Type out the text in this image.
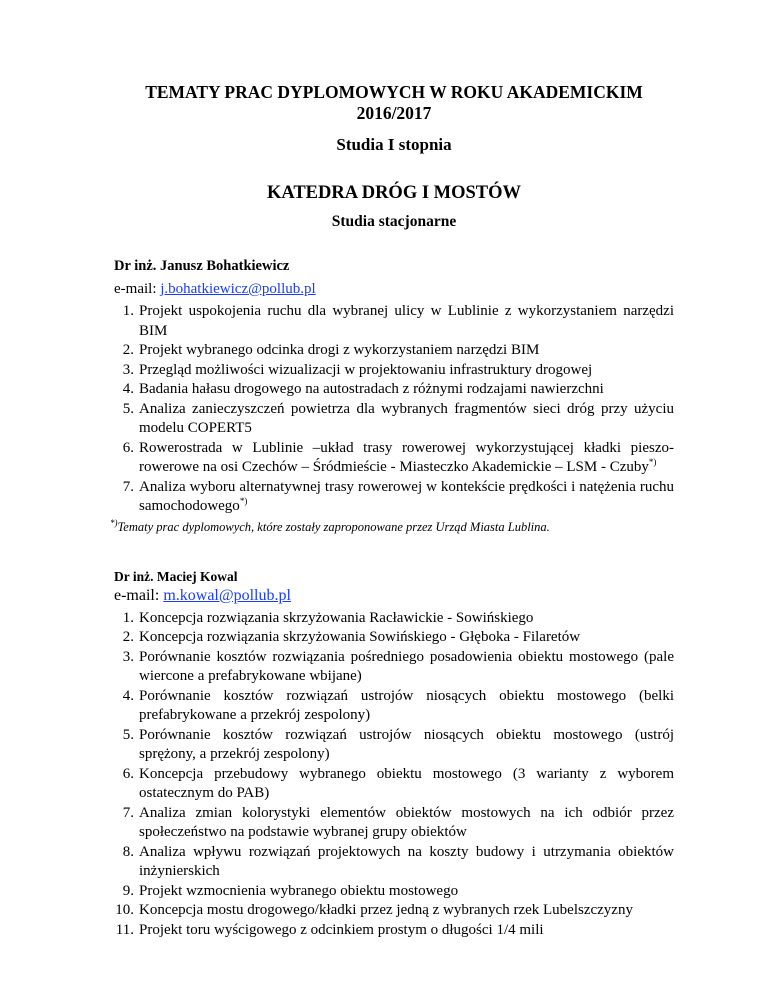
TEMATY PRAC DYPLOMOWYCH W ROKU AKADEMICKIM
2016/2017

Studia I stopnia

KATEDRA DRÓG I MOSTÓW

Studia stacjonarne

Dr inż. Janusz Bohatkiewicz

e-mail: j.bohatkiewicz@pollub.pl

1. Projekt uspokojenia ruchu dla wybranej ulicy w Lublinie z wykorzystaniem narzędzi BIM
2. Projekt wybranego odcinka drogi z wykorzystaniem narzędzi BIM
3. Przegląd możliwości wizualizacji w projektowaniu infrastruktury drogowej
4. Badania hałasu drogowego na autostradach z różnymi rodzajami nawierzchni
5. Analiza zanieczyszczeń powietrza dla wybranych fragmentów sieci dróg przy użyciu modelu COPERT5
6. Rowerostrada w Lublinie –układ trasy rowerowej wykorzystującej kładki pieszo-rowerowe na osi Czechów – Śródmieście - Miasteczko Akademickie – LSM - Czuby*)
7. Analiza wyboru alternatywnej trasy rowerowej w kontekście prędkości i natężenia ruchu samochodowego*)

*)Tematy prac dyplomowych, które zostały zaproponowane przez Urząd Miasta Lublina.

Dr inż. Maciej Kowal

e-mail: m.kowal@pollub.pl

1. Koncepcja rozwiązania skrzyżowania Racławickie - Sowińskiego
2. Koncepcja rozwiązania skrzyżowania Sowińskiego - Głęboka - Filaretów
3. Porównanie kosztów rozwiązania pośredniego posadowienia obiektu mostowego (pale wiercone a prefabrykowane wbijane)
4. Porównanie kosztów rozwiązań ustrojów niosących obiektu mostowego (belki prefabrykowane a przekrój zespolony)
5. Porównanie kosztów rozwiązań ustrojów niosących obiektu mostowego (ustrój sprężony, a przekrój zespolony)
6. Koncepcja przebudowy wybranego obiektu mostowego (3 warianty z wyborem ostatecznym do PAB)
7. Analiza zmian kolorystyki elementów obiektów mostowych na ich odbiór przez społeczeństwo na podstawie wybranej grupy obiektów
8. Analiza wpływu rozwiązań projektowych na koszty budowy i utrzymania obiektów inżynierskich
9. Projekt wzmocnienia wybranego obiektu mostowego
10. Koncepcja mostu drogowego/kładki przez jedną z wybranych rzek Lubelszczyzny
11. Projekt toru wyścigowego z odcinkiem prostym o długości 1/4 mili
